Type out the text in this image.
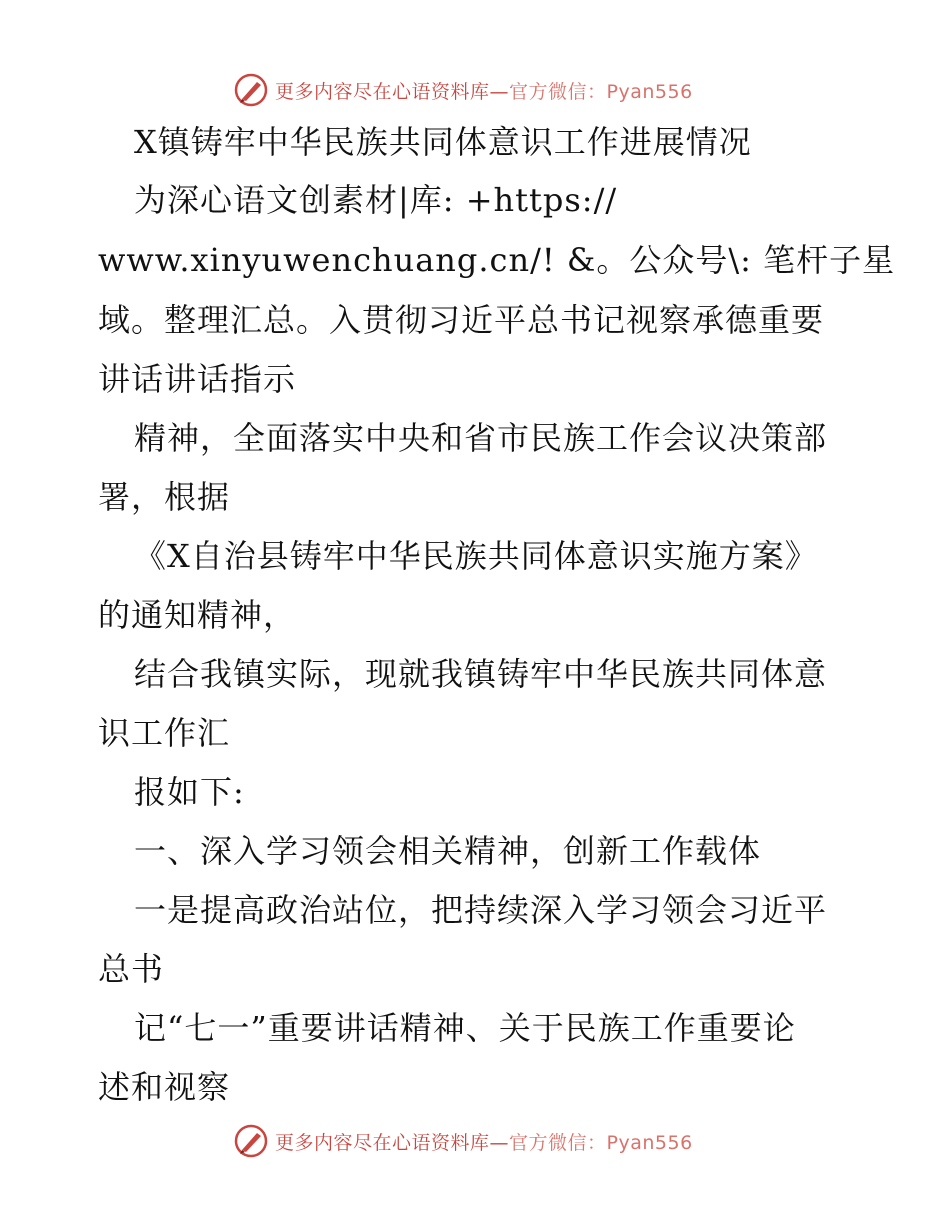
更多内容尽在心语资料库—官方微信：Pyan556
X镇铸牢中华民族共同体意识工作进展情况
为深心语文创素材|库: +https://
www.xinyuwenchuang.cn/! &。公众号\: 笔杆子星
域。整理汇总。入贯彻习近平总书记视察承德重要
讲话讲话指示
精神，全面落实中央和省市民族工作会议决策部
署，根据
《X自治县铸牢中华民族共同体意识实施方案》
的通知精神，
结合我镇实际，现就我镇铸牢中华民族共同体意
识工作汇
报如下:
一、深入学习领会相关精神，创新工作载体
一是提高政治站位，把持续深入学习领会习近平
总书
记“七一”重要讲话精神、关于民族工作重要论
述和视察
更多内容尽在心语资料库—官方微信：Pyan556
